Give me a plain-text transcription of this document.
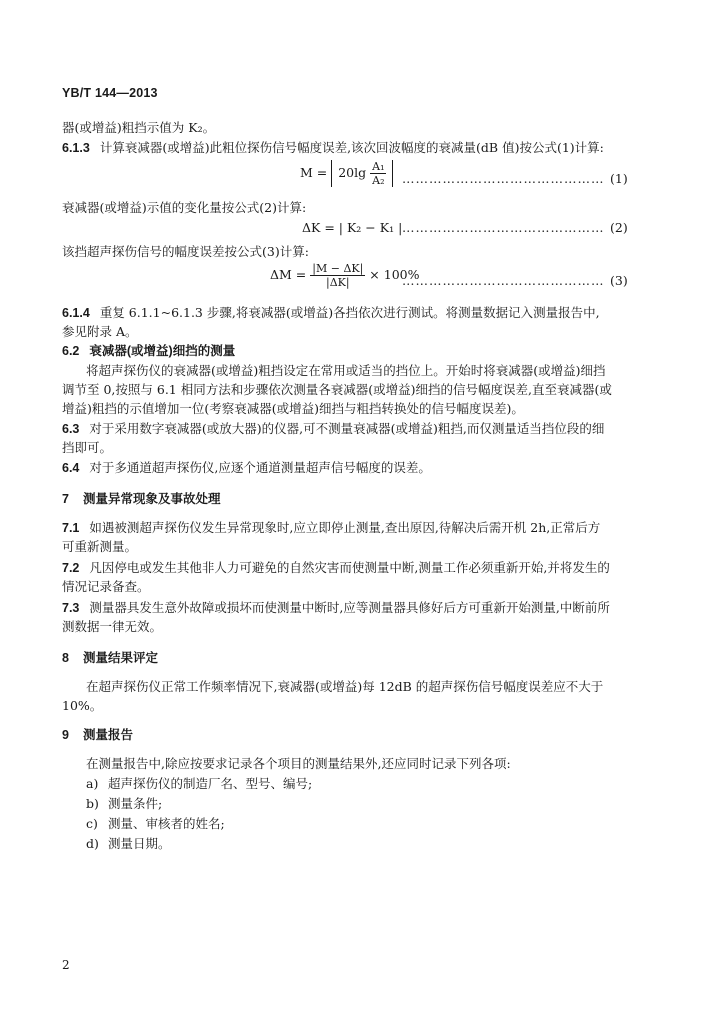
YB/T 144—2013
器(或增益)粗挡示值为 K₂。
6.1.3 计算衰减器(或增益)此粗位探伤信号幅度误差,该次回波幅度的衰减量(dB 值)按公式(1)计算:
$M = 20\lg \frac{\text{A₁}}{\text{A₂}}$ ……………………………………… (1)
衰减器(或增益)示值的变化量按公式(2)计算:
ΔK = | K₂ − K₁ | ……………………………………… (2)
该挡超声探伤信号的幅度误差按公式(3)计算:
$\Delta M = \frac{|M - \Delta K|}{|\Delta K|} \times 100\%$
……………………………………… (3)
6.1.4 重复 6.1.1~6.1.3 步骤,将衰减器(或增益)各挡依次进行测试。将测量数据记入测量报告中,
参见附录 A。
6.2 衰减器(或增益)细挡的测量
将超声探伤仪的衰减器(或增益)粗挡设定在常用或适当的挡位上。开始时将衰减器(或增益)细挡
调节至 0,按照与 6.1 相同方法和步骤依次测量各衰减器(或增益)细挡的信号幅度误差,直至衰减器(或
增益)粗挡的示值增加一位(考察衰减器(或增益)细挡与粗挡转换处的信号幅度误差)。
6.3 对于采用数字衰减器(或放大器)的仪器,可不测量衰减器(或增益)粗挡,而仅测量适当挡位段的细
挡即可。
6.4 对于多通道超声探伤仪,应逐个通道测量超声信号幅度的误差。
7 测量异常现象及事故处理
7.1 如遇被测超声探伤仪发生异常现象时,应立即停止测量,查出原因,待解决后需开机 2h,正常后方
可重新测量。
7.2 凡因停电或发生其他非人力可避免的自然灾害而使测量中断,测量工作必须重新开始,并将发生的
情况记录备查。
7.3 测量器具发生意外故障或损坏而使测量中断时,应等测量器具修好后方可重新开始测量,中断前所
测数据一律无效。
8 测量结果评定
在超声探伤仪正常工作频率情况下,衰减器(或增益)每 12dB 的超声探伤信号幅度误差应不大于
10%。
9 测量报告
在测量报告中,除应按要求记录各个项目的测量结果外,还应同时记录下列各项:
a) 超声探伤仪的制造厂名、型号、编号;
b) 测量条件;
c) 测量、审核者的姓名;
d) 测量日期。
2
